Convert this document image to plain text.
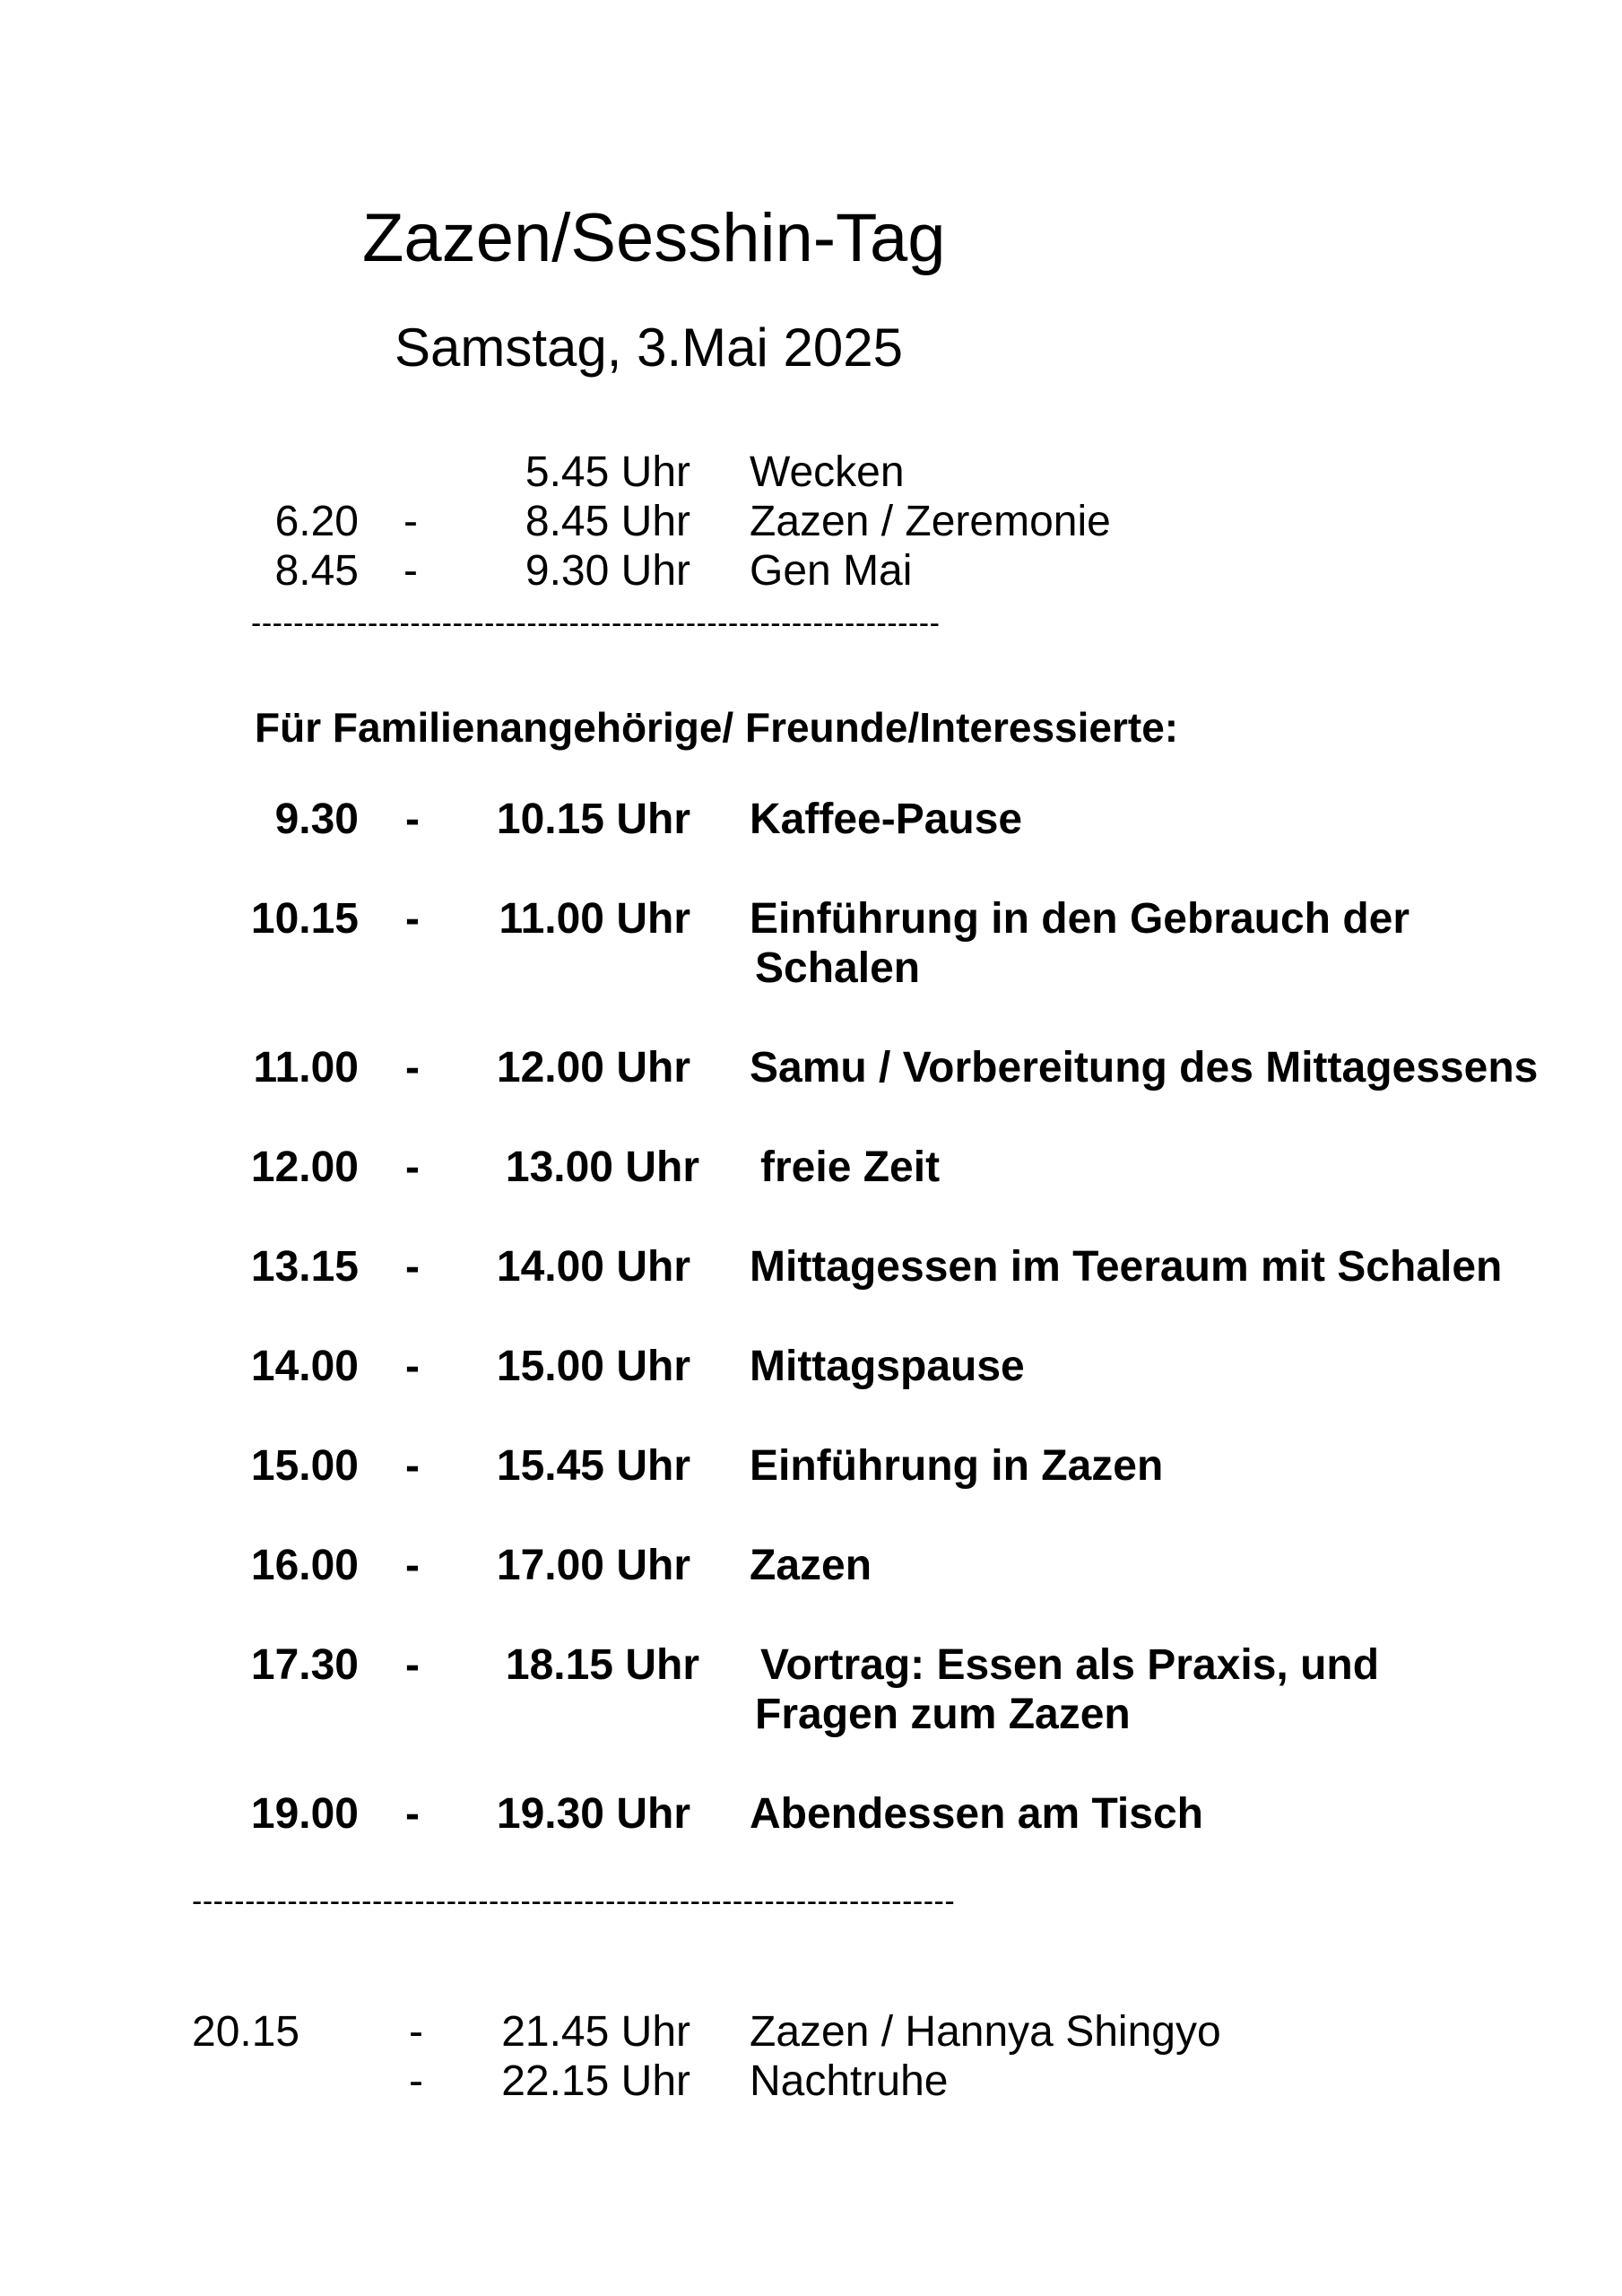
Zazen/Sesshin-Tag
Samstag, 3.Mai 2025
5.45 Uhr Wecken
6.20 -	8.45 Uhr Zazen / Zeremonie
8.45 -	9.30 Uhr Gen Mai
-----------------------------------------------------------------
Für Familienangehörige/ Freunde/Interessierte:
9.30 -	10.15 Uhr Kaffee-Pause
10.15 -	11.00 Uhr Einführung in den Gebrauch der
Schalen
11.00 -	12.00 Uhr Samu / Vorbereitung des Mittagessens
12.00 -	13.00 Uhr freie Zeit
13.15 -	14.00 Uhr Mittagessen im Teeraum mit Schalen
14.00 -	15.00 Uhr Mittagspause
15.00 -	15.45 Uhr Einführung in Zazen
16.00 -	17.00 Uhr Zazen
17.30 -	18.15 Uhr Vortrag: Essen als Praxis, und
Fragen zum Zazen
19.00 -	19.30 Uhr Abendessen am Tisch
------------------------------------------------------------------------
20.15	-	21.45 Uhr Zazen / Hannya Shingyo
-	22.15 Uhr Nachtruhe
